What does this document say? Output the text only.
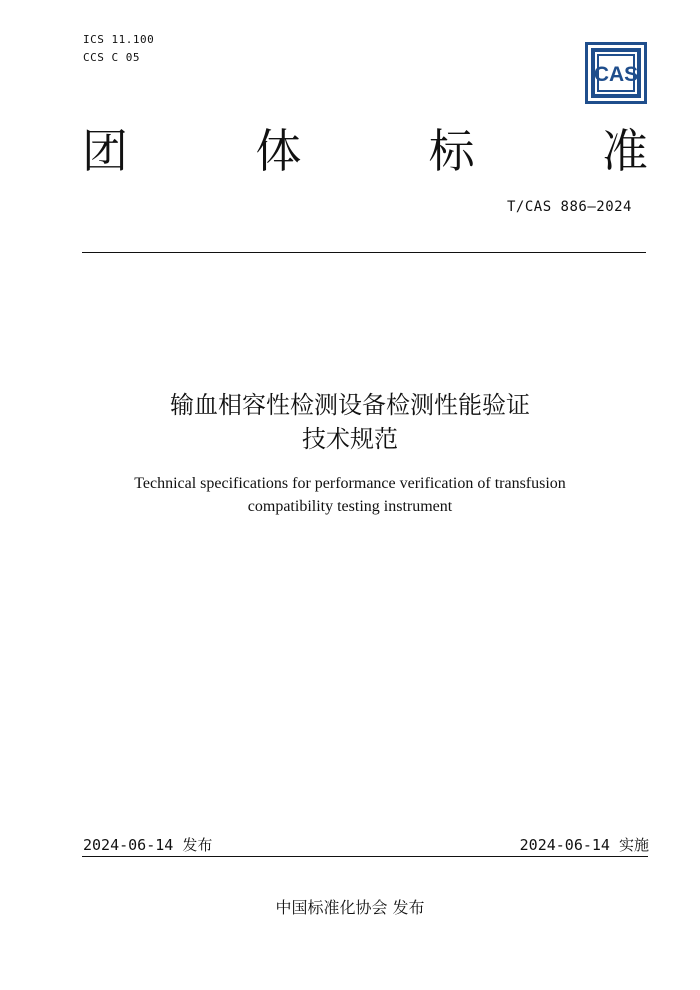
ICS 11.100
CCS C 05
CAS
团	体	标	准
T/CAS 886—2024
输血相容性检测设备检测性能验证
技术规范
Technical specifications for performance verification of transfusion
compatibility testing instrument
2024-06-14 发布	2024-06-14 实施
中国标准化协会 发布
